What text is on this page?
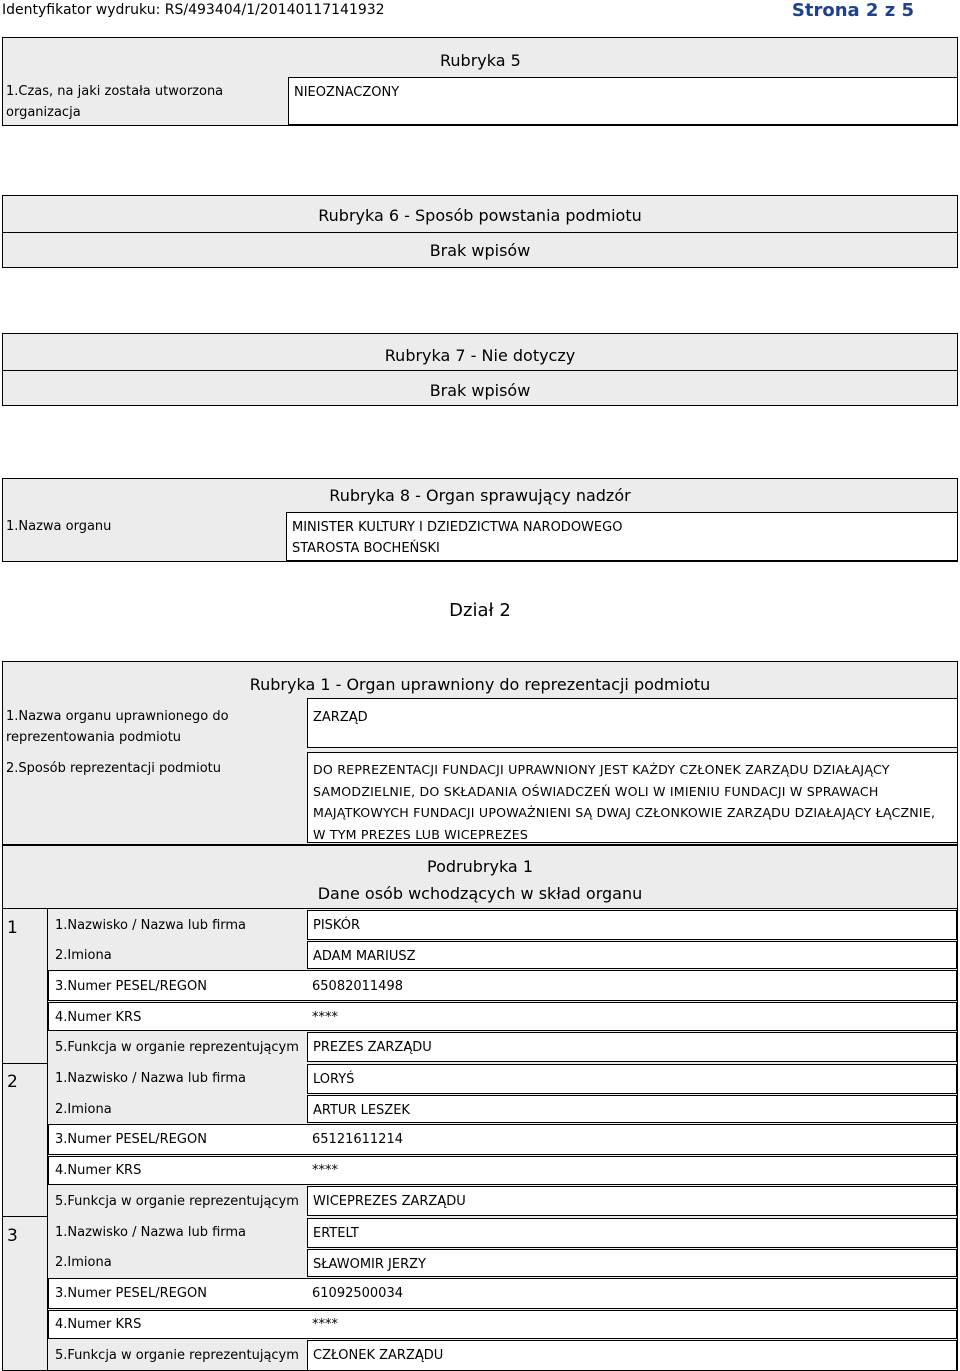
Identyfikator wydruku: RS/493404/1/20140117141932	Strona 2 z 5
Rubryka 5
1.Czas, na jaki została utworzona
organizacja
NIEOZNACZONY
Rubryka 6 - Sposób powstania podmiotu
Brak wpisów
Rubryka 7 - Nie dotyczy
Brak wpisów
Rubryka 8 - Organ sprawujący nadzór
1.Nazwa organu	MINISTER KULTURY I DZIEDZICTWA NARODOWEGO
STAROSTA BOCHEŃSKI
Dział 2
Rubryka 1 - Organ uprawniony do reprezentacji podmiotu
1.Nazwa organu uprawnionego do
reprezentowania podmiotu
ZARZĄD
2.Sposób reprezentacji podmiotu	DO REPREZENTACJI FUNDACJI UPRAWNIONY JEST KAŻDY CZŁONEK ZARZĄDU DZIAŁAJĄCY
SAMODZIELNIE, DO SKŁADANIA OŚWIADCZEŃ WOLI W IMIENIU FUNDACJI W SPRAWACH
MAJĄTKOWYCH FUNDACJI UPOWAŻNIENI SĄ DWAJ CZŁONKOWIE ZARZĄDU DZIAŁAJĄCY ŁĄCZNIE,
W TYM PREZES LUB WICEPREZES
Podrubryka 1
Dane osób wchodzących w skład organu
1	1.Nazwisko / Nazwa lub firma	PISKÓR
2.Imiona	ADAM MARIUSZ
3.Numer PESEL/REGON	65082011498
4.Numer KRS	****
5.Funkcja w organie reprezentującym	PREZES ZARZĄDU
2	1.Nazwisko / Nazwa lub firma	LORYŚ
2.Imiona	ARTUR LESZEK
3.Numer PESEL/REGON	65121611214
4.Numer KRS	****
5.Funkcja w organie reprezentującym	WICEPREZES ZARZĄDU
3	1.Nazwisko / Nazwa lub firma	ERTELT
2.Imiona	SŁAWOMIR JERZY
3.Numer PESEL/REGON	61092500034
4.Numer KRS	****
5.Funkcja w organie reprezentującym	CZŁONEK ZARZĄDU
